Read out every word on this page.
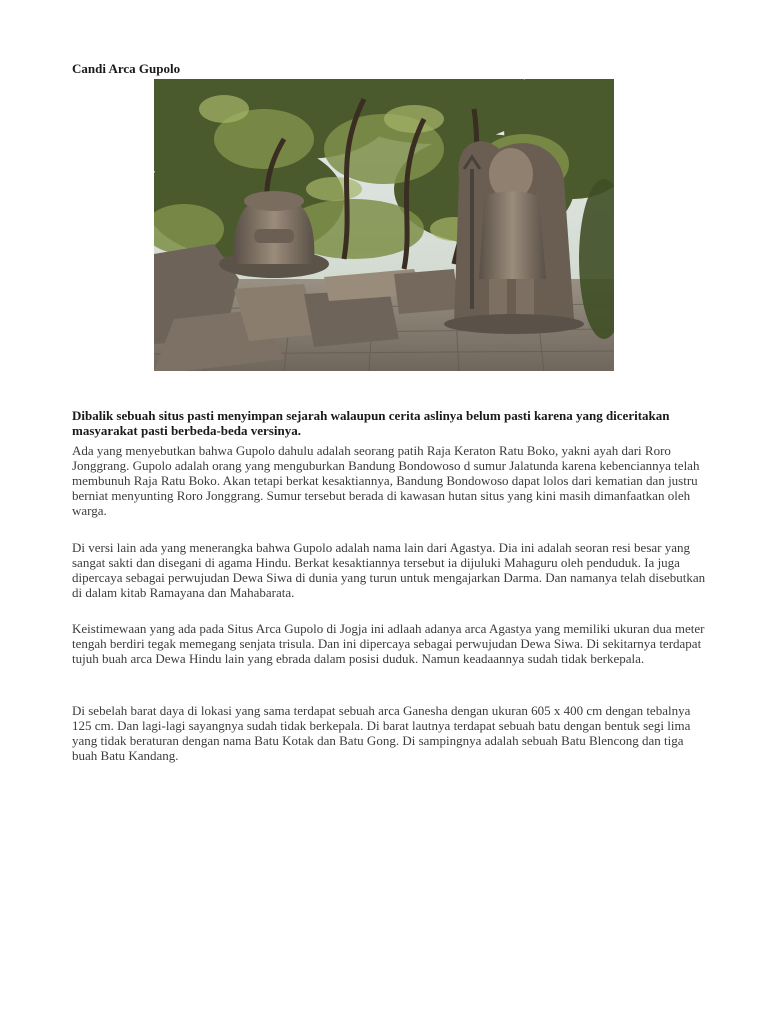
Candi Arca Gupolo

Dibalik sebuah situs pasti menyimpan sejarah walaupun cerita aslinya belum pasti karena yang diceritakan masyarakat pasti berbeda-beda versinya.

Ada yang menyebutkan bahwa Gupolo dahulu adalah seorang patih Raja Keraton Ratu Boko, yakni ayah dari Roro Jonggrang. Gupolo adalah orang yang menguburkan Bandung Bondowoso d sumur Jalatunda karena kebenciannya telah membunuh Raja Ratu Boko. Akan tetapi berkat kesaktiannya, Bandung Bondowoso dapat lolos dari kematian dan justru berniat menyunting Roro Jonggrang. Sumur tersebut berada di kawasan hutan situs yang kini masih dimanfaatkan oleh warga.

Di versi lain ada yang menerangka bahwa Gupolo adalah nama lain dari Agastya. Dia ini adalah seoran resi besar yang sangat sakti dan disegani di agama Hindu. Berkat kesaktiannya tersebut ia dijuluki Mahaguru oleh penduduk. Ia juga dipercaya sebagai perwujudan Dewa Siwa di dunia yang turun untuk mengajarkan Darma. Dan namanya telah disebutkan di dalam kitab Ramayana dan Mahabarata.

Keistimewaan yang ada pada Situs Arca Gupolo di Jogja ini adlaah adanya arca Agastya yang memiliki ukuran dua meter tengah berdiri tegak memegang senjata trisula. Dan ini dipercaya sebagai perwujudan Dewa Siwa. Di sekitarnya terdapat tujuh buah arca Dewa Hindu lain yang ebrada dalam posisi duduk. Namun keadaannya sudah tidak berkepala.

Di sebelah barat daya di lokasi yang sama terdapat sebuah arca Ganesha dengan ukuran 605 x 400 cm dengan tebalnya 125 cm. Dan lagi-lagi sayangnya sudah tidak berkepala. Di barat lautnya terdapat sebuah batu dengan bentuk segi lima yang tidak beraturan dengan nama Batu Kotak dan Batu Gong. Di sampingnya adalah sebuah Batu Blencong dan tiga buah Batu Kandang.
